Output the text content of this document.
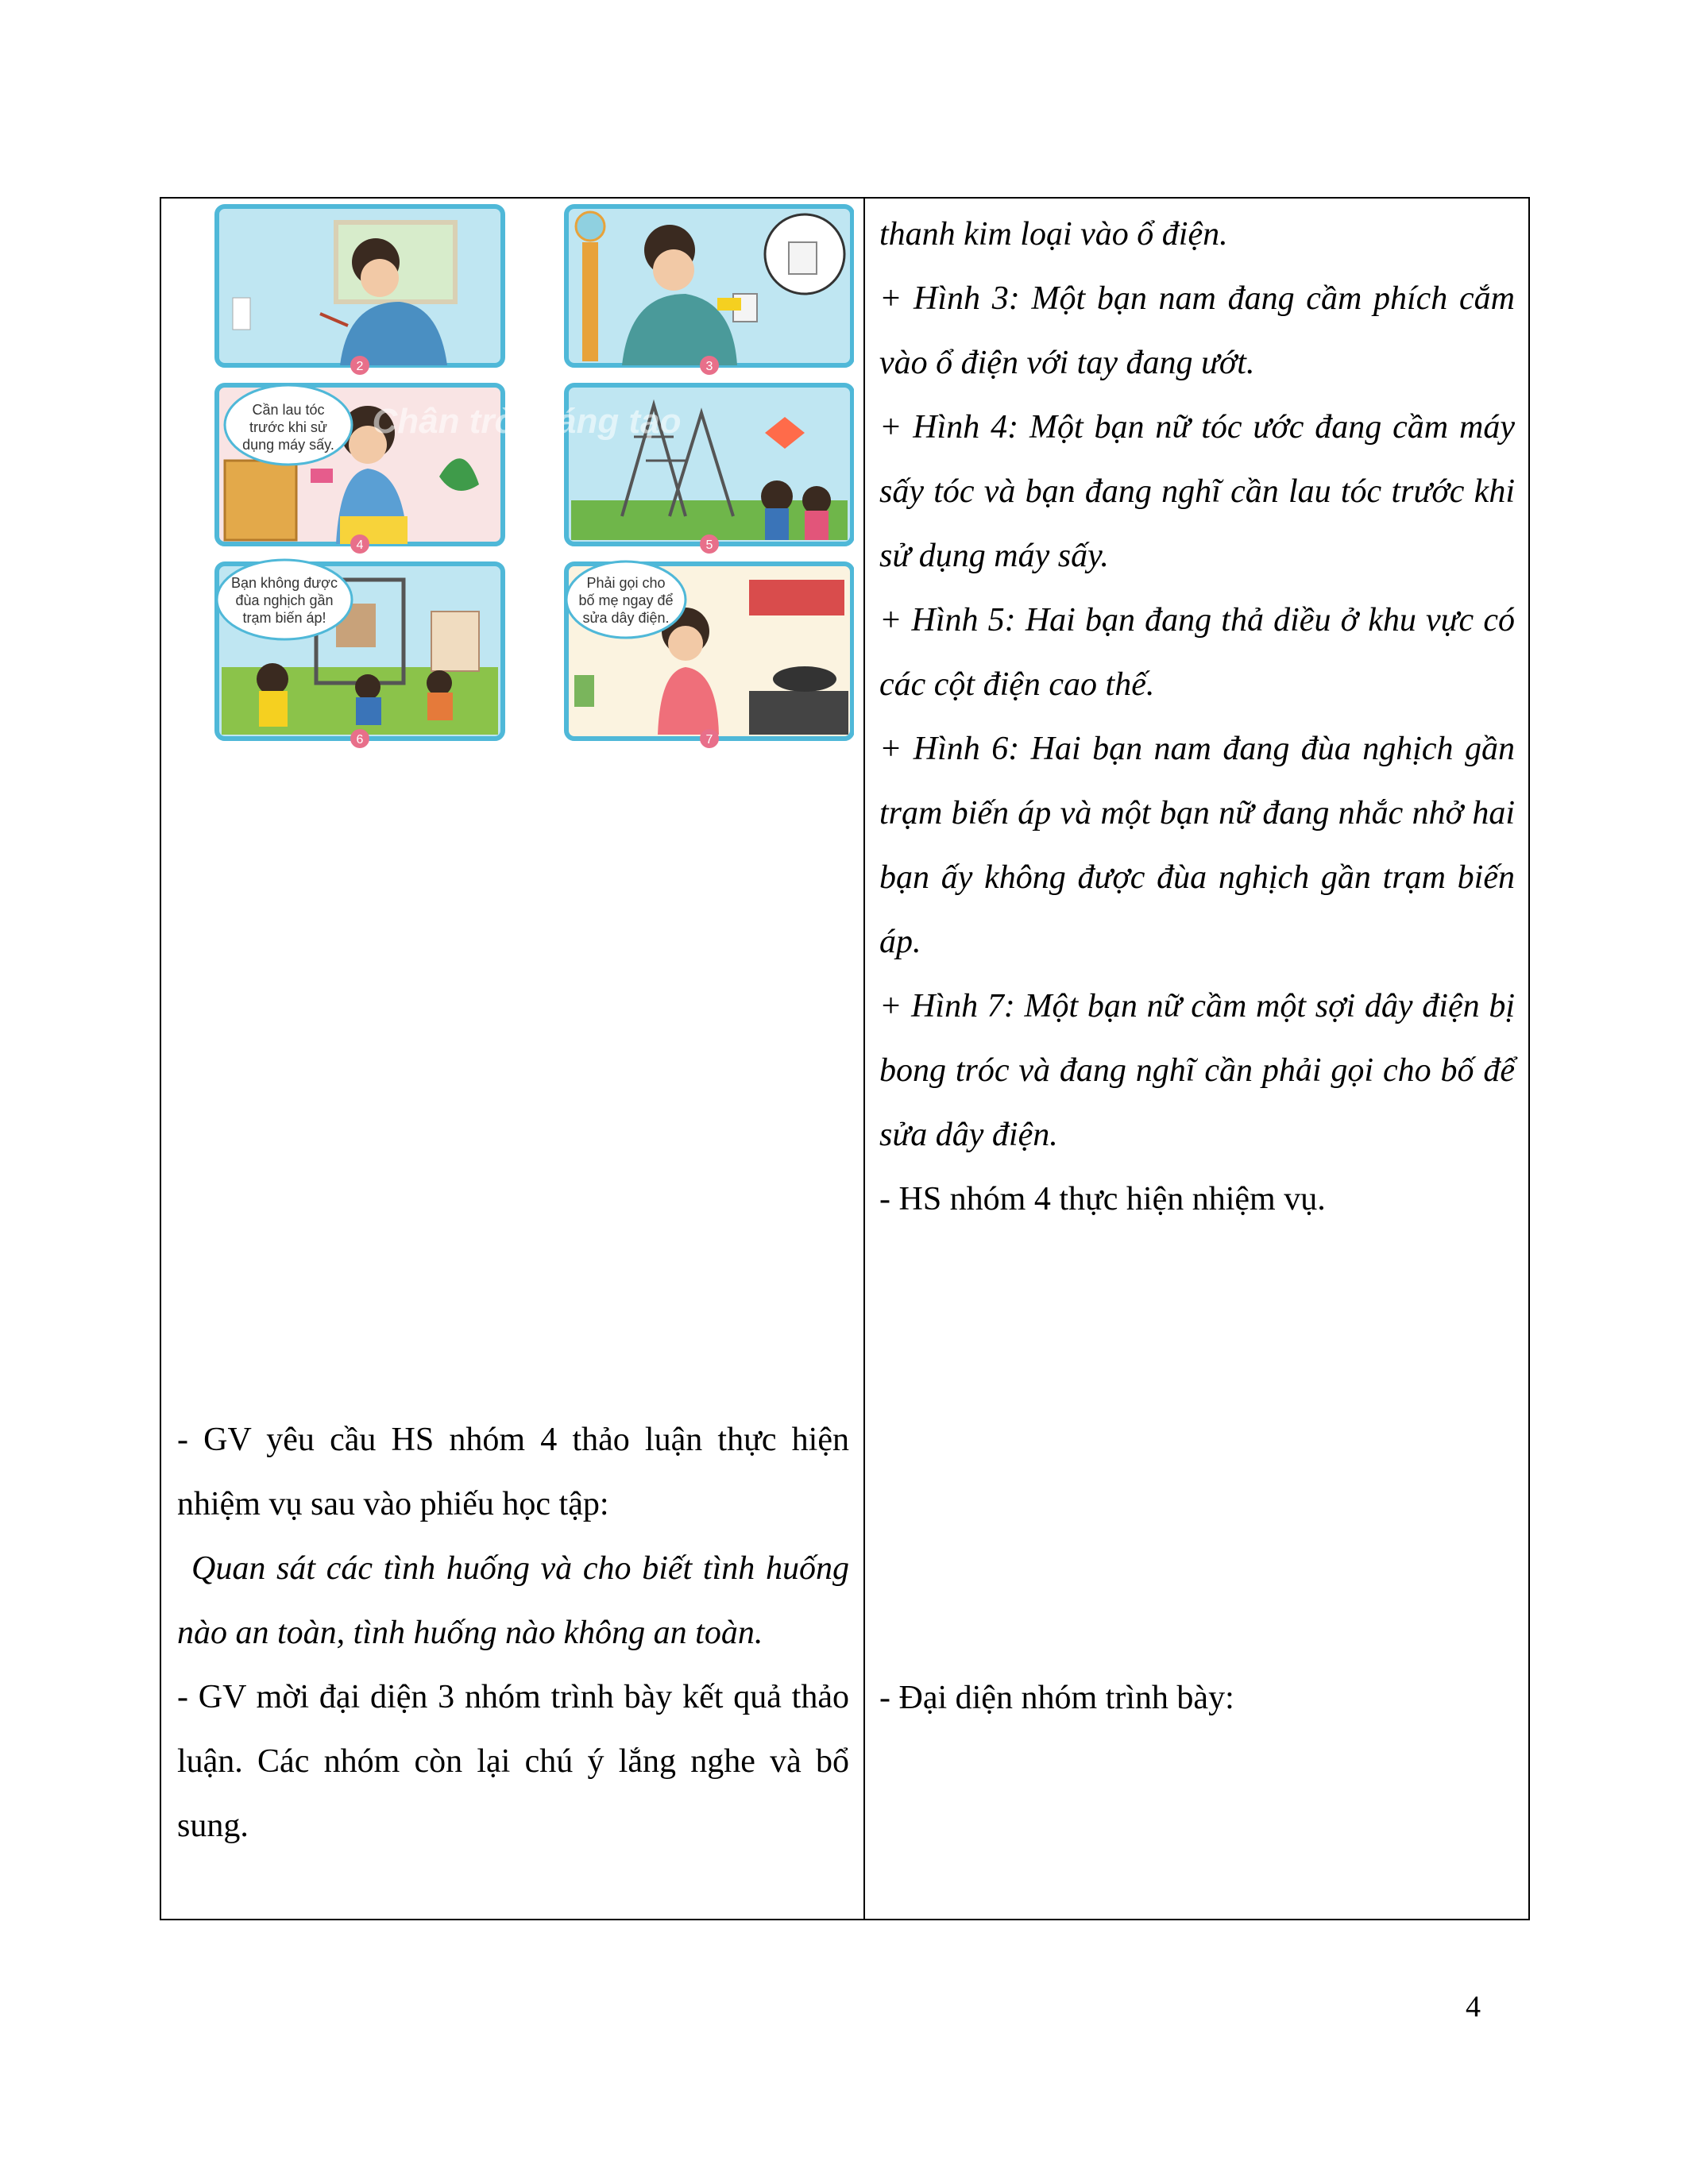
Cần lau tóc
trước khi sử
dụng máy sấy.
Bạn không được
đùa nghịch gần
trạm biến áp!
Phải gọi cho
bố mẹ ngay để
sửa dây điện.
Chân trời sáng tạo
2	3
4	5
6	7

- GV yêu cầu HS nhóm 4 thảo luận thực hiện nhiệm vụ sau vào phiếu học tập:

Quan sát các tình huống và cho biết tình huống nào an toàn, tình huống nào không an toàn.

- GV mời đại diện 3 nhóm trình bày kết quả thảo luận. Các nhóm còn lại chú ý lắng nghe và bổ sung.

thanh kim loại vào ổ điện.

+ Hình 3: Một bạn nam đang cầm phích cắm vào ổ điện với tay đang ướt.

+ Hình 4: Một bạn nữ tóc ước đang cầm máy sấy tóc và bạn đang nghĩ cần lau tóc trước khi sử dụng máy sấy.

+ Hình 5: Hai bạn đang thả diều ở khu vực có các cột điện cao thế.

+ Hình 6: Hai bạn nam đang đùa nghịch gần trạm biến áp và một bạn nữ đang nhắc nhở hai bạn ấy không được đùa nghịch gần trạm biến áp.

+ Hình 7: Một bạn nữ cầm một sợi dây điện bị bong tróc và đang nghĩ cần phải gọi cho bố để sửa dây điện.

- HS nhóm 4 thực hiện nhiệm vụ.

- Đại diện nhóm trình bày:

4
